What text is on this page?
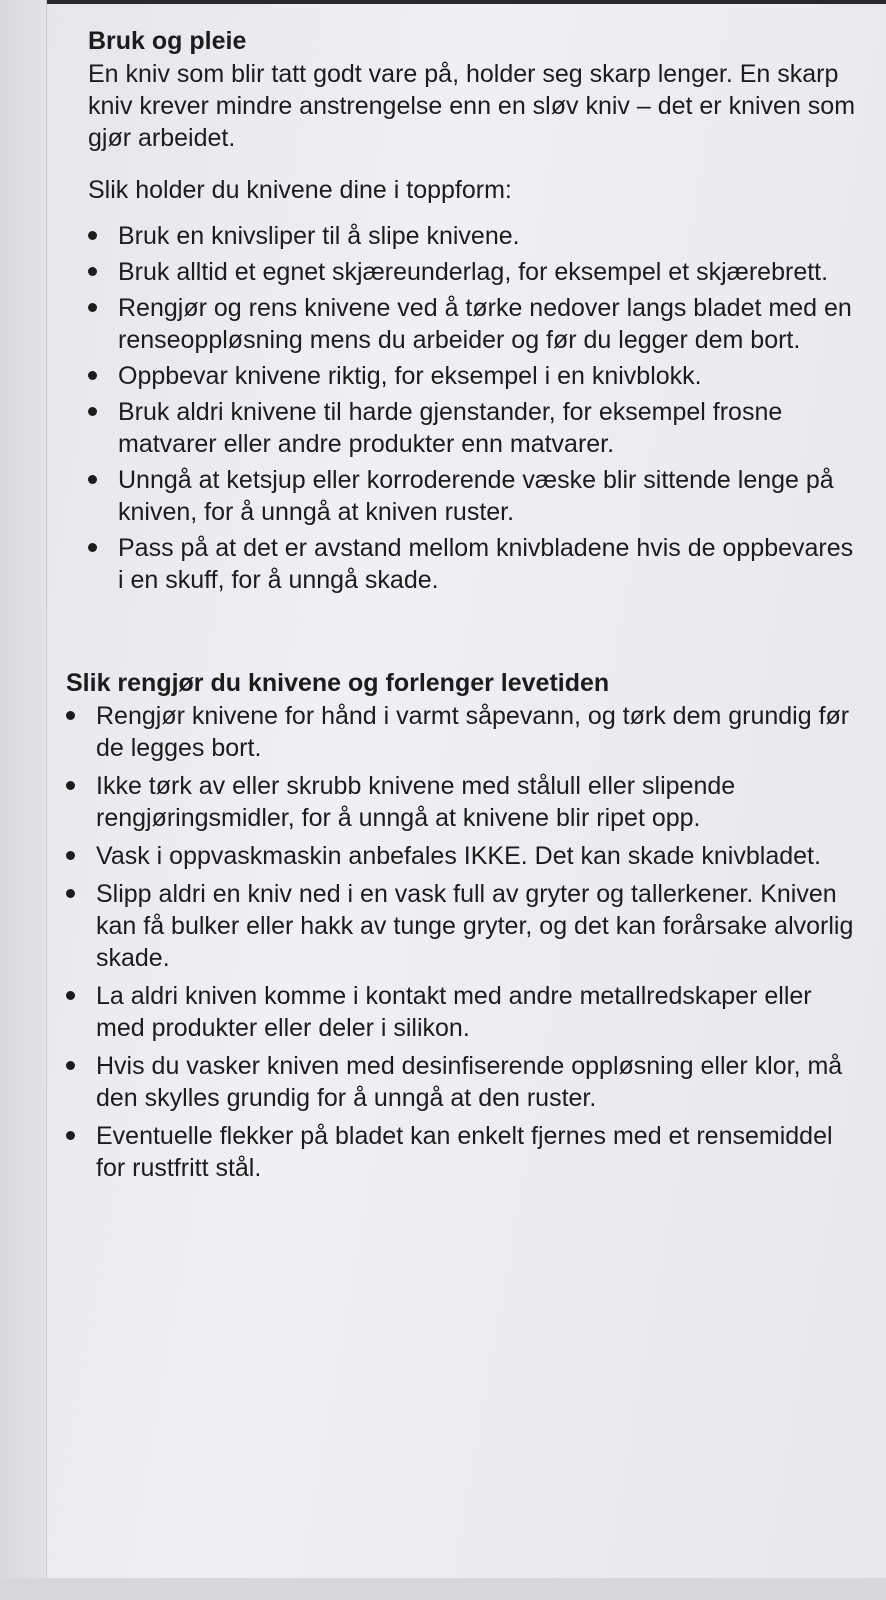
Bruk og pleie

En kniv som blir tatt godt vare på, holder seg skarp lenger. En skarp kniv krever mindre anstrengelse enn en sløv kniv – det er kniven som gjør arbeidet.

Slik holder du knivene dine i toppform:

Bruk en knivsliper til å slipe knivene.
Bruk alltid et egnet skjæreunderlag, for eksempel et skjærebrett.
Rengjør og rens knivene ved å tørke nedover langs bladet med en renseoppløsning mens du arbeider og før du legger dem bort.
Oppbevar knivene riktig, for eksempel i en knivblokk.
Bruk aldri knivene til harde gjenstander, for eksempel frosne matvarer eller andre produkter enn matvarer.
Unngå at ketsjup eller korroderende væske blir sittende lenge på kniven, for å unngå at kniven ruster.
Pass på at det er avstand mellom knivbladene hvis de oppbevares i en skuff, for å unngå skade.
Slik rengjør du knivene og forlenger levetiden
Rengjør knivene for hånd i varmt såpevann, og tørk dem grundig før de legges bort.
Ikke tørk av eller skrubb knivene med stålull eller slipende rengjøringsmidler, for å unngå at knivene blir ripet opp.
Vask i oppvaskmaskin anbefales IKKE. Det kan skade knivbladet.
Slipp aldri en kniv ned i en vask full av gryter og tallerkener. Kniven kan få bulker eller hakk av tunge gryter, og det kan forårsake alvorlig skade.
La aldri kniven komme i kontakt med andre metallredskaper eller med produkter eller deler i silikon.
Hvis du vasker kniven med desinfiserende oppløsning eller klor, må den skylles grundig for å unngå at den ruster.
Eventuelle flekker på bladet kan enkelt fjernes med et rensemiddel for rustfritt stål.
